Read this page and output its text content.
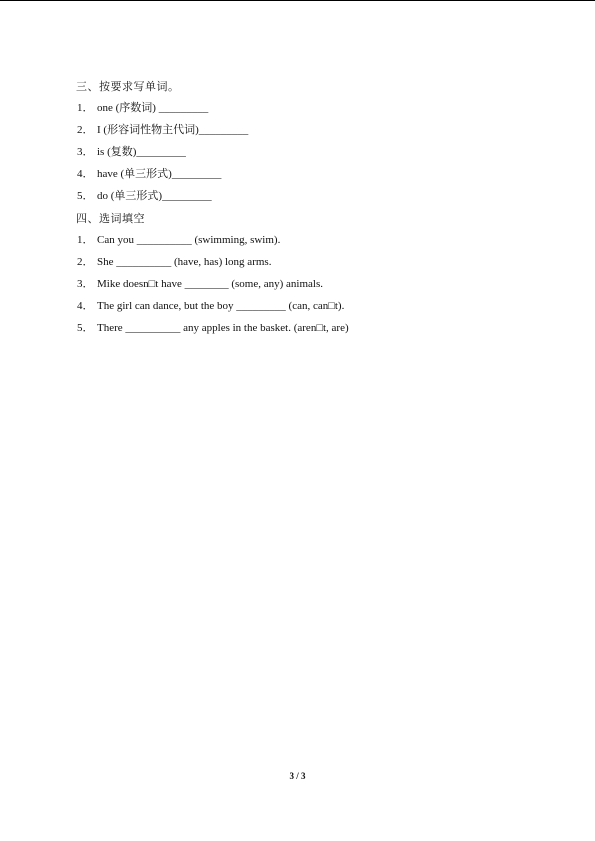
三、按要求写单词。
1． one (序数词) _________
2． I (形容词性物主代词)_________
3． is (复数)_________
4． have (单三形式)_________
5． do (单三形式)_________
四、选词填空
1． Can you __________ (swimming, swim).
2． She __________ (have, has) long arms.
3． Mike doesn□t have ________ (some, any) animals.
4． The girl can dance, but the boy _________ (can, can□t).
5． There __________ any apples in the basket. (aren□t, are)
3 / 3
